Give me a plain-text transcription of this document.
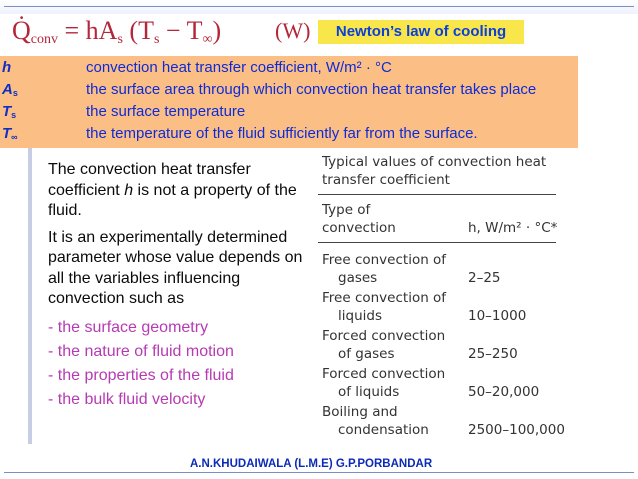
$Q̇_{conv} = hA_s$ $(T_s - T_\infty)$ (W)	Newton’s law of cooling
h	convection heat transfer coefficient, W/m² · °C
$A_s$	the surface area through which convection heat transfer takes place
$T_s$	the surface temperature
$T_\infty$	the temperature of the fluid sufficiently far from the surface.

The convection heat transfer coefficient h is not a property of the fluid.

It is an experimentally determined parameter whose value depends on all the variables influencing convection such as

- the surface geometry
- the nature of fluid motion
- the properties of the fluid
- the bulk fluid velocity
Typical values of convection heat
transfer coefficient
Type of
convection	h, W/m² · °C*
Free convection of
gases	2–25
Free convection of
liquids	10–1000
Forced convection
of gases	25–250
Forced convection
of liquids	50–20,000
Boiling and
condensation	2500–100,000
A.N.KHUDAIWALA (L.M.E) G.P.PORBANDAR
